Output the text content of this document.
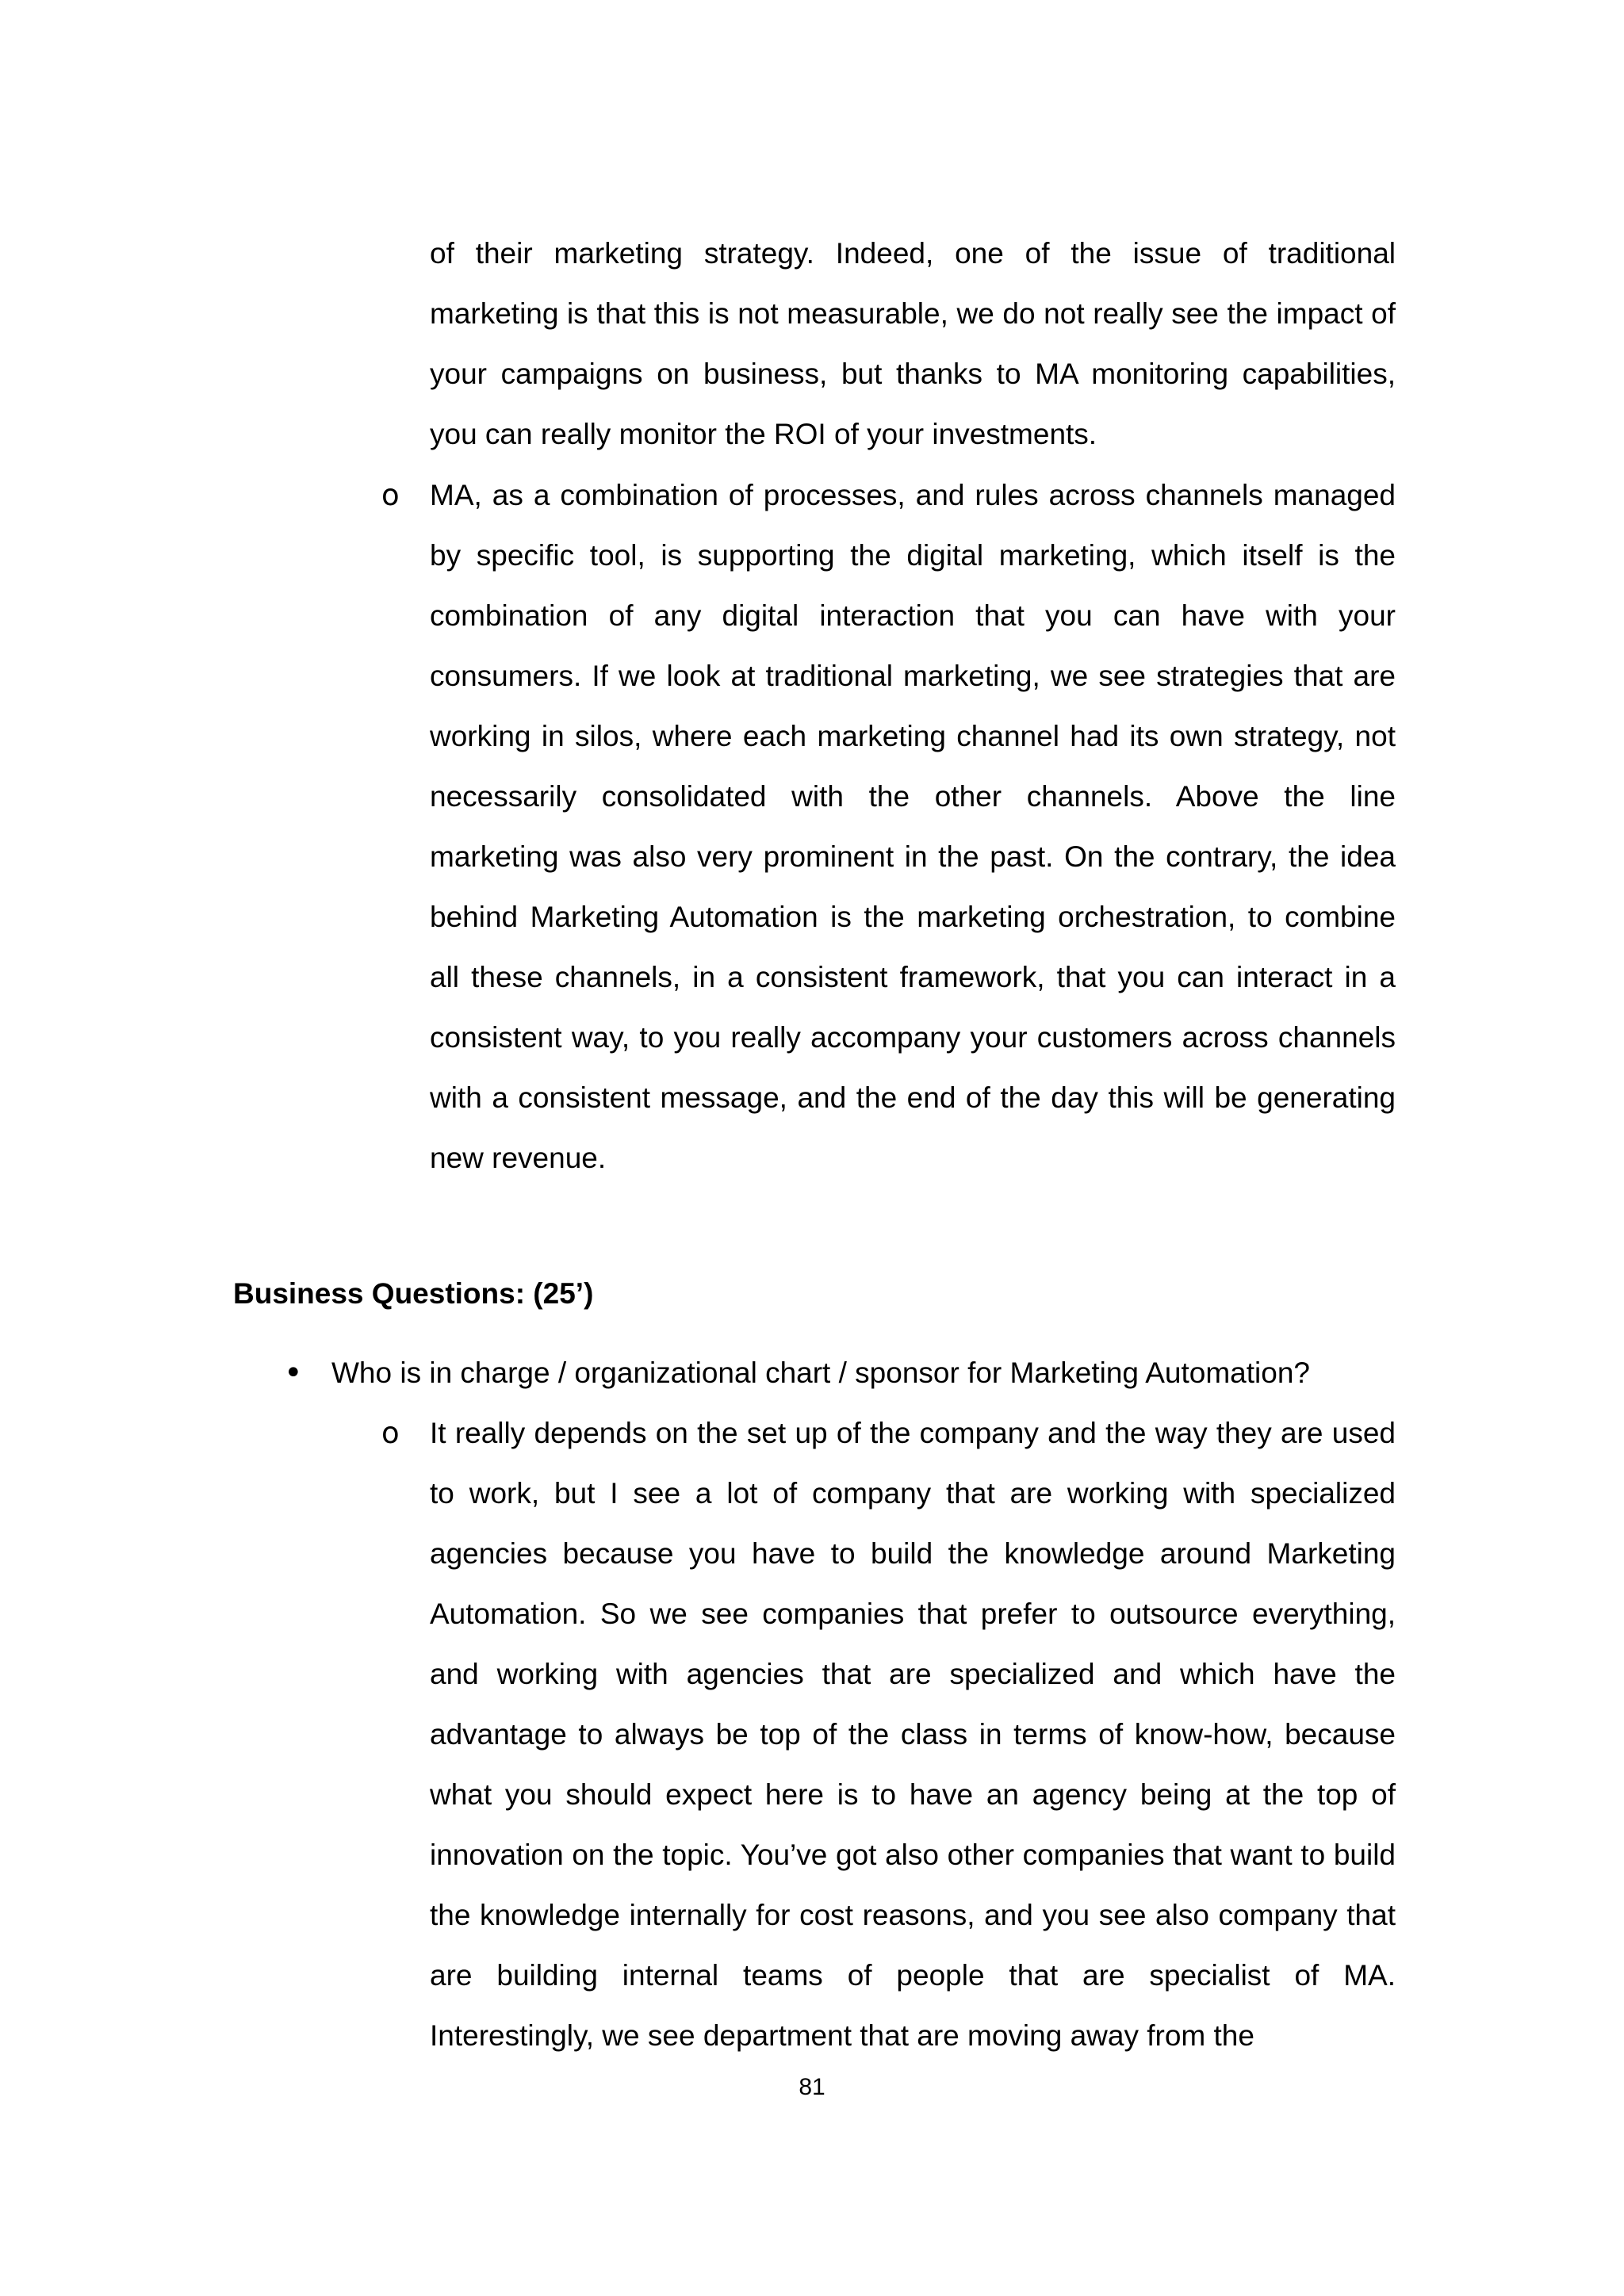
of their marketing strategy. Indeed, one of the issue of traditional marketing is that this is not measurable, we do not really see the impact of your campaigns on business, but thanks to MA monitoring capabilities, you can really monitor the ROI of your investments.

o MA, as a combination of processes, and rules across channels managed by specific tool, is supporting the digital marketing, which itself is the combination of any digital interaction that you can have with your consumers. If we look at traditional marketing, we see strategies that are working in silos, where each marketing channel had its own strategy, not necessarily consolidated with the other channels. Above the line marketing was also very prominent in the past. On the contrary, the idea behind Marketing Automation is the marketing orchestration, to combine all these channels, in a consistent framework, that you can interact in a consistent way, to you really accompany your customers across channels with a consistent message, and the end of the day this will be generating new revenue.

Business Questions: (25’)

• Who is in charge / organizational chart / sponsor for Marketing Automation?

o It really depends on the set up of the company and the way they are used to work, but I see a lot of company that are working with specialized agencies because you have to build the knowledge around Marketing Automation. So we see companies that prefer to outsource everything, and working with agencies that are specialized and which have the advantage to always be top of the class in terms of know-how, because what you should expect here is to have an agency being at the top of innovation on the topic. You’ve got also other companies that want to build the knowledge internally for cost reasons, and you see also company that are building internal teams of people that are specialist of MA. Interestingly, we see department that are moving away from the

81
